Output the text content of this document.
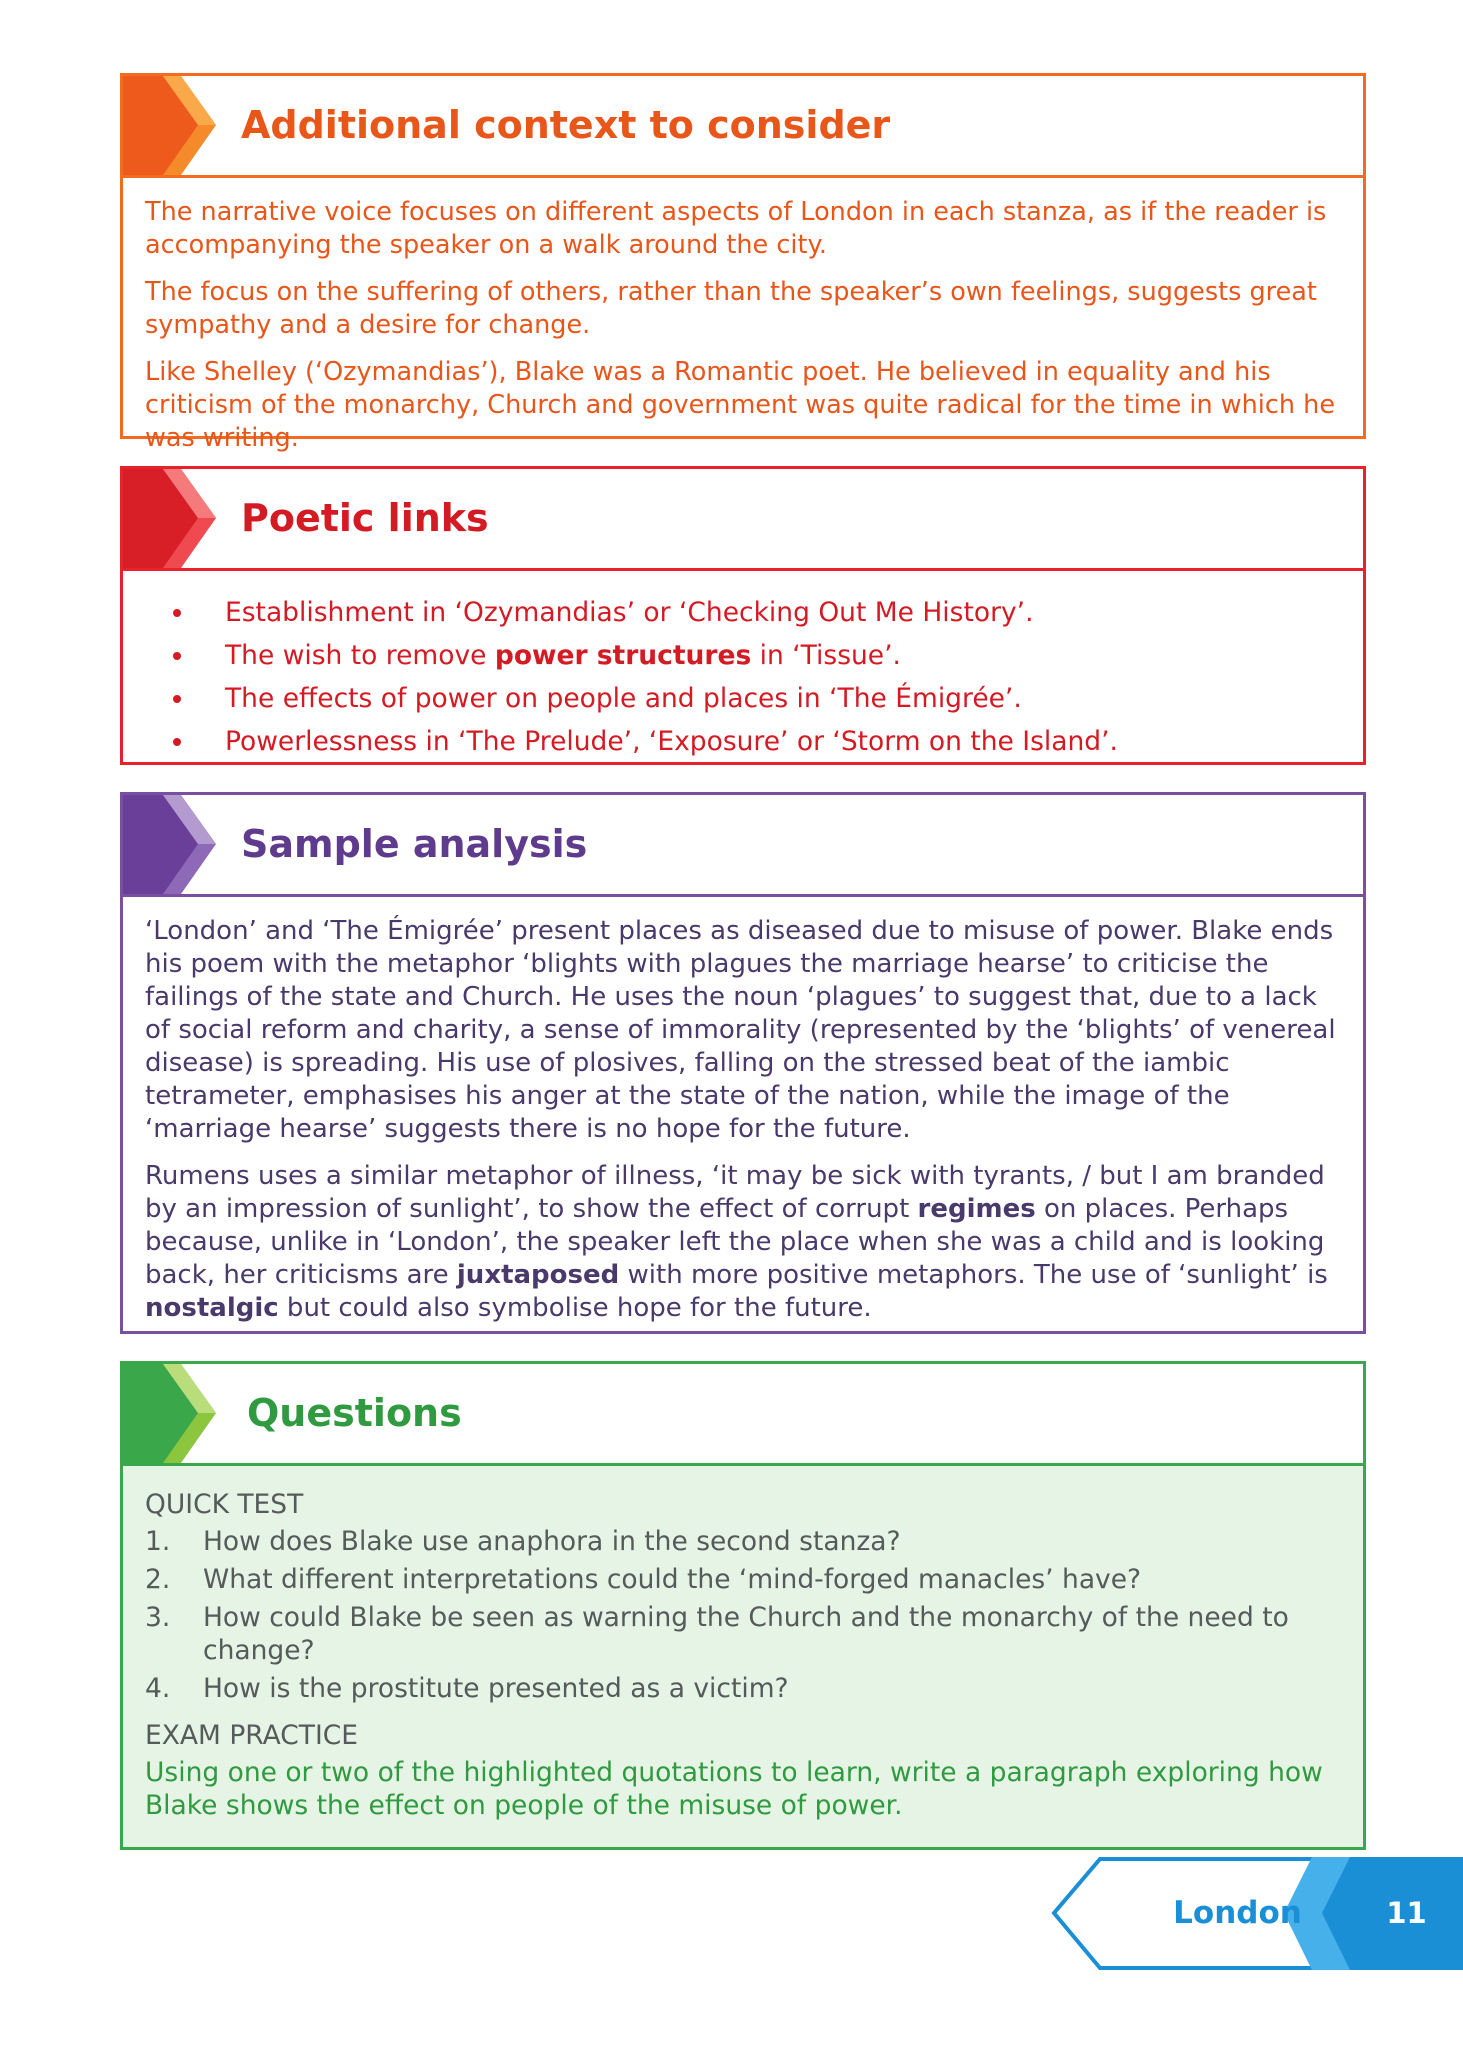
Additional context to consider

The narrative voice focuses on different aspects of London in each stanza, as if the reader is accompanying the speaker on a walk around the city.

The focus on the suffering of others, rather than the speaker’s own feelings, suggests great sympathy and a desire for change.

Like Shelley (‘Ozymandias’), Blake was a Romantic poet. He believed in equality and his criticism of the monarchy, Church and government was quite radical for the time in which he was writing.

Poetic links
Establishment in ‘Ozymandias’ or ‘Checking Out Me History’.
The wish to remove power structures in ‘Tissue’.
The effects of power on people and places in ‘The Émigrée’.
Powerlessness in ‘The Prelude’, ‘Exposure’ or ‘Storm on the Island’.
Sample analysis

‘London’ and ‘The Émigrée’ present places as diseased due to misuse of power. Blake ends his poem with the metaphor ‘blights with plagues the marriage hearse’ to criticise the failings of the state and Church. He uses the noun ‘plagues’ to suggest that, due to a lack of social reform and charity, a sense of immorality (represented by the ‘blights’ of venereal disease) is spreading. His use of plosives, falling on the stressed beat of the iambic tetrameter, emphasises his anger at the state of the nation, while the image of the ‘marriage hearse’ suggests there is no hope for the future.

Rumens uses a similar metaphor of illness, ‘it may be sick with tyrants, / but I am branded by an impression of sunlight’, to show the effect of corrupt regimes on places. Perhaps because, unlike in ‘London’, the speaker left the place when she was a child and is looking back, her criticisms are juxtaposed with more positive metaphors. The use of ‘sunlight’ is nostalgic but could also symbolise hope for the future.

Questions
QUICK TEST
1. How does Blake use anaphora in the second stanza?
2. What different interpretations could the ‘mind-forged manacles’ have?
3. How could Blake be seen as warning the Church and the monarchy of the need to change?
4. How is the prostitute presented as a victim?
EXAM PRACTICE
Using one or two of the highlighted quotations to learn, write a paragraph exploring how Blake shows the effect on people of the misuse of power.
London	11
